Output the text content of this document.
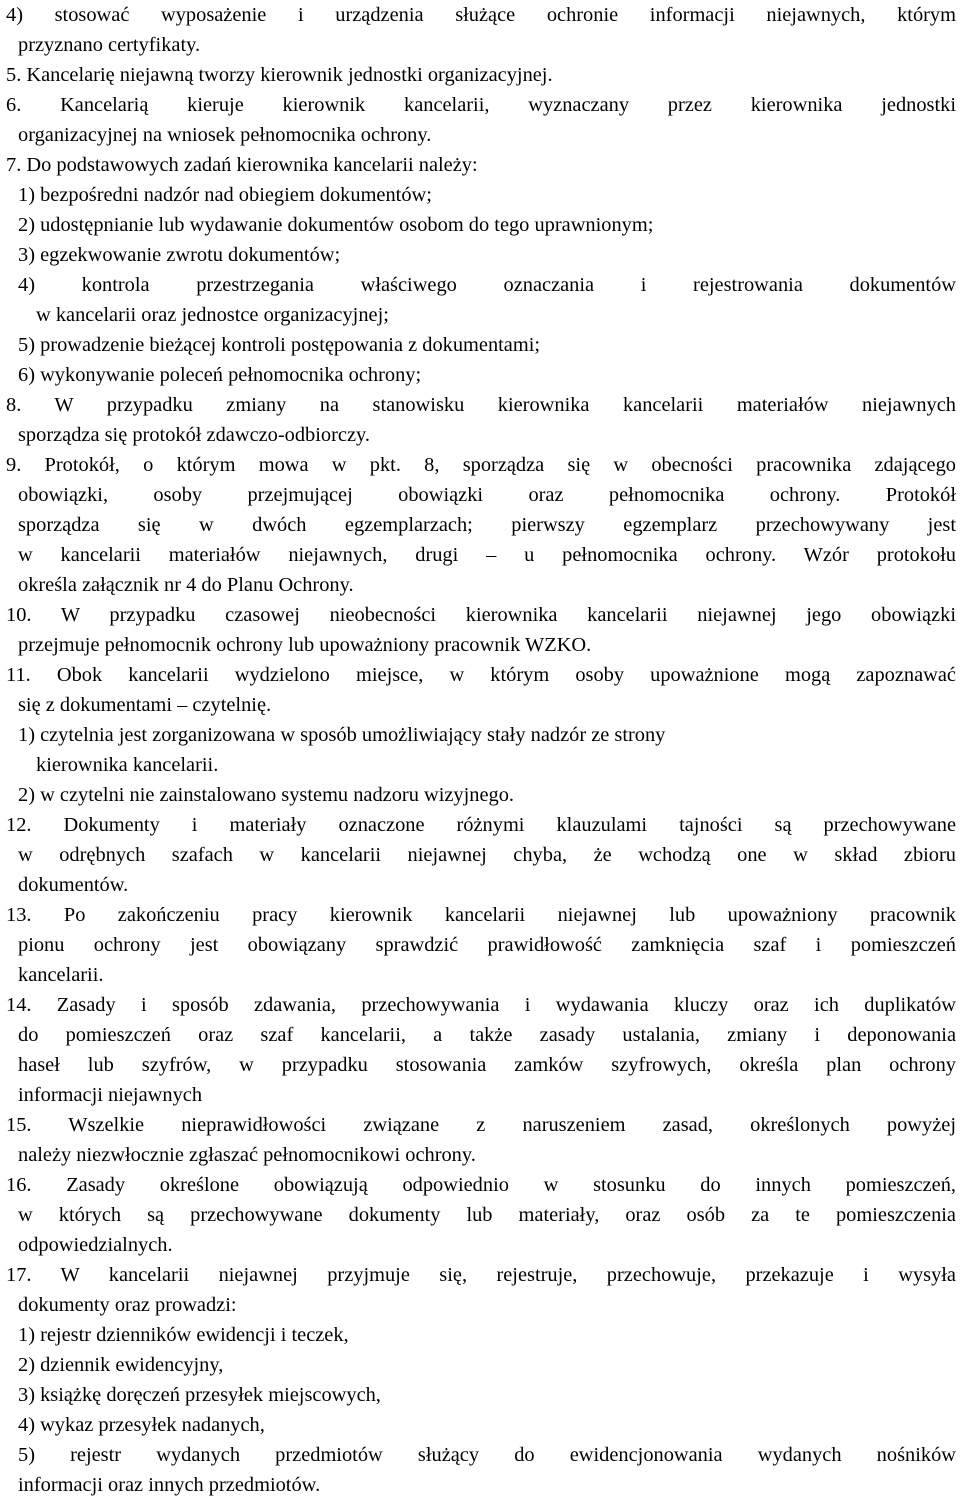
4) stosować wyposażenie i urządzenia służące ochronie informacji niejawnych, którym
przyznano certyfikaty.
5. Kancelarię niejawną tworzy kierownik jednostki organizacyjnej.
6. Kancelarią kieruje kierownik kancelarii, wyznaczany przez kierownika jednostki
organizacyjnej na wniosek pełnomocnika ochrony.
7. Do podstawowych zadań kierownika kancelarii należy:
1) bezpośredni nadzór nad obiegiem dokumentów;
2) udostępnianie lub wydawanie dokumentów osobom do tego uprawnionym;
3) egzekwowanie zwrotu dokumentów;
4) kontrola przestrzegania właściwego oznaczania i rejestrowania dokumentów
w kancelarii oraz jednostce organizacyjnej;
5) prowadzenie bieżącej kontroli postępowania z dokumentami;
6) wykonywanie poleceń pełnomocnika ochrony;
8. W przypadku zmiany na stanowisku kierownika kancelarii materiałów niejawnych
sporządza się protokół zdawczo-odbiorczy.
9. Protokół, o którym mowa w pkt. 8, sporządza się w obecności pracownika zdającego
obowiązki, osoby przejmującej obowiązki oraz pełnomocnika ochrony. Protokół
sporządza się w dwóch egzemplarzach; pierwszy egzemplarz przechowywany jest
w kancelarii materiałów niejawnych, drugi – u pełnomocnika ochrony. Wzór protokołu
określa załącznik nr 4 do Planu Ochrony.
10. W przypadku czasowej nieobecności kierownika kancelarii niejawnej jego obowiązki
przejmuje pełnomocnik ochrony lub upoważniony pracownik WZKO.
11. Obok kancelarii wydzielono miejsce, w którym osoby upoważnione mogą zapoznawać
się z dokumentami – czytelnię.
1) czytelnia jest zorganizowana w sposób umożliwiający stały nadzór ze strony
kierownika kancelarii.
2) w czytelni nie zainstalowano systemu nadzoru wizyjnego.
12. Dokumenty i materiały oznaczone różnymi klauzulami tajności są przechowywane
w odrębnych szafach w kancelarii niejawnej chyba, że wchodzą one w skład zbioru
dokumentów.
13. Po zakończeniu pracy kierownik kancelarii niejawnej lub upoważniony pracownik
pionu ochrony jest obowiązany sprawdzić prawidłowość zamknięcia szaf i pomieszczeń
kancelarii.
14. Zasady i sposób zdawania, przechowywania i wydawania kluczy oraz ich duplikatów
do pomieszczeń oraz szaf kancelarii, a także zasady ustalania, zmiany i deponowania
haseł lub szyfrów, w przypadku stosowania zamków szyfrowych, określa plan ochrony
informacji niejawnych
15. Wszelkie nieprawidłowości związane z naruszeniem zasad, określonych powyżej
należy niezwłocznie zgłaszać pełnomocnikowi ochrony.
16. Zasady określone obowiązują odpowiednio w stosunku do innych pomieszczeń,
w których są przechowywane dokumenty lub materiały, oraz osób za te pomieszczenia
odpowiedzialnych.
17. W kancelarii niejawnej przyjmuje się, rejestruje, przechowuje, przekazuje i wysyła
dokumenty oraz prowadzi:
1) rejestr dzienników ewidencji i teczek,
2) dziennik ewidencyjny,
3) książkę doręczeń przesyłek miejscowych,
4) wykaz przesyłek nadanych,
5) rejestr wydanych przedmiotów służący do ewidencjonowania wydanych nośników
informacji oraz innych przedmiotów.
